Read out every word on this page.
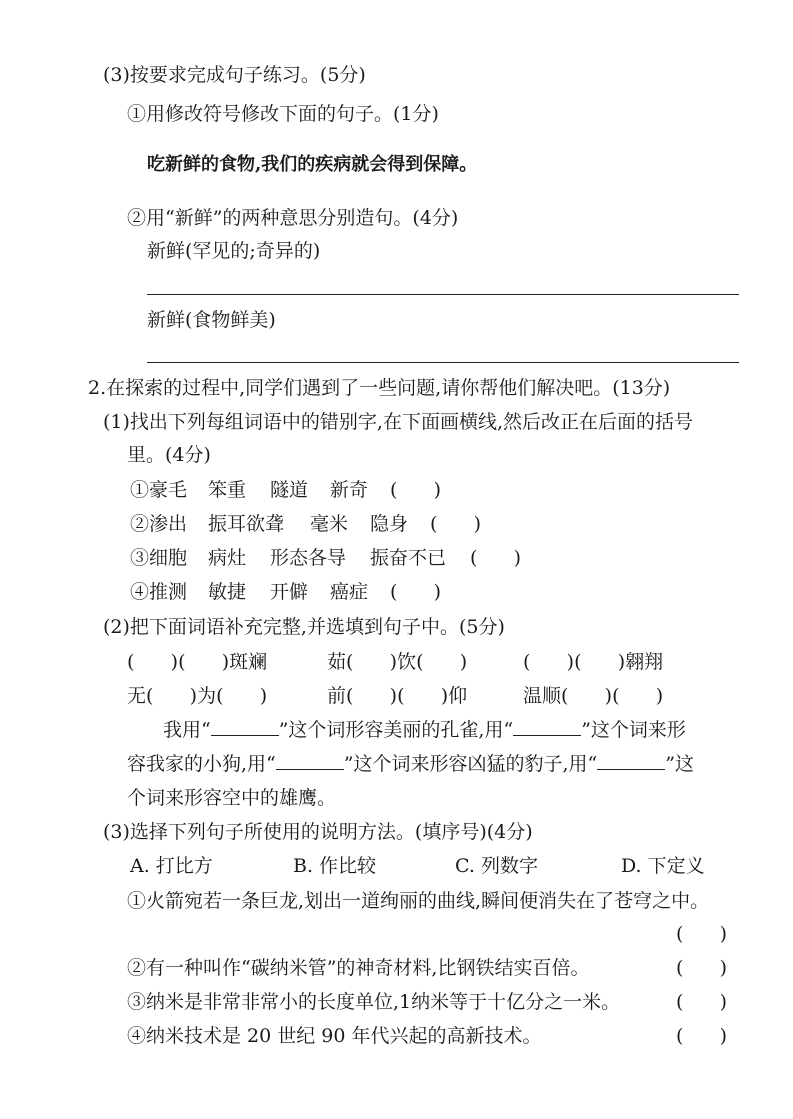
(3)按要求完成句子练习。(5分)
①用修改符号修改下面的句子。(1分)
吃新鲜的食物,我们的疾病就会得到保障。
②用“新鲜”的两种意思分别造句。(4分)
新鲜(罕见的;奇异的)
新鲜(食物鲜美)
2.在探索的过程中,同学们遇到了一些问题,请你帮他们解决吧。(13分)
(1)找出下列每组词语中的错别字,在下面画横线,然后改正在后面的括号
里。(4分)
①豪毛	笨重	隧道	新奇	(      )
②渗出	振耳欲聋	毫米	隐身	(      )
③细胞	病灶	形态各导	振奋不已	(      )
④推测	敏捷	开僻	癌症	(      )
(2)把下面词语补充完整,并选填到句子中。(5分)
(      )(      )斑斓	茹(      )饮(      )	(      )(      )翱翔
无(      )为(      )	前(      )(      )仰	温顺(      )(      )
我用“	”这个词形容美丽的孔雀,用“	”这个词来形
容我家的小狗,用“	”这个词来形容凶猛的豹子,用“	”这
个词来形容空中的雄鹰。
(3)选择下列句子所使用的说明方法。(填序号)(4分)
A. 打比方	B. 作比较	C. 列数字	D. 下定义
①火箭宛若一条巨龙,划出一道绚丽的曲线,瞬间便消失在了苍穹之中。
(      )
②有一种叫作“碳纳米管”的神奇材料,比钢铁结实百倍。	(      )
③纳米是非常非常小的长度单位,1纳米等于十亿分之一米。	(      )
④纳米技术是 20 世纪 90 年代兴起的高新技术。	(      )
